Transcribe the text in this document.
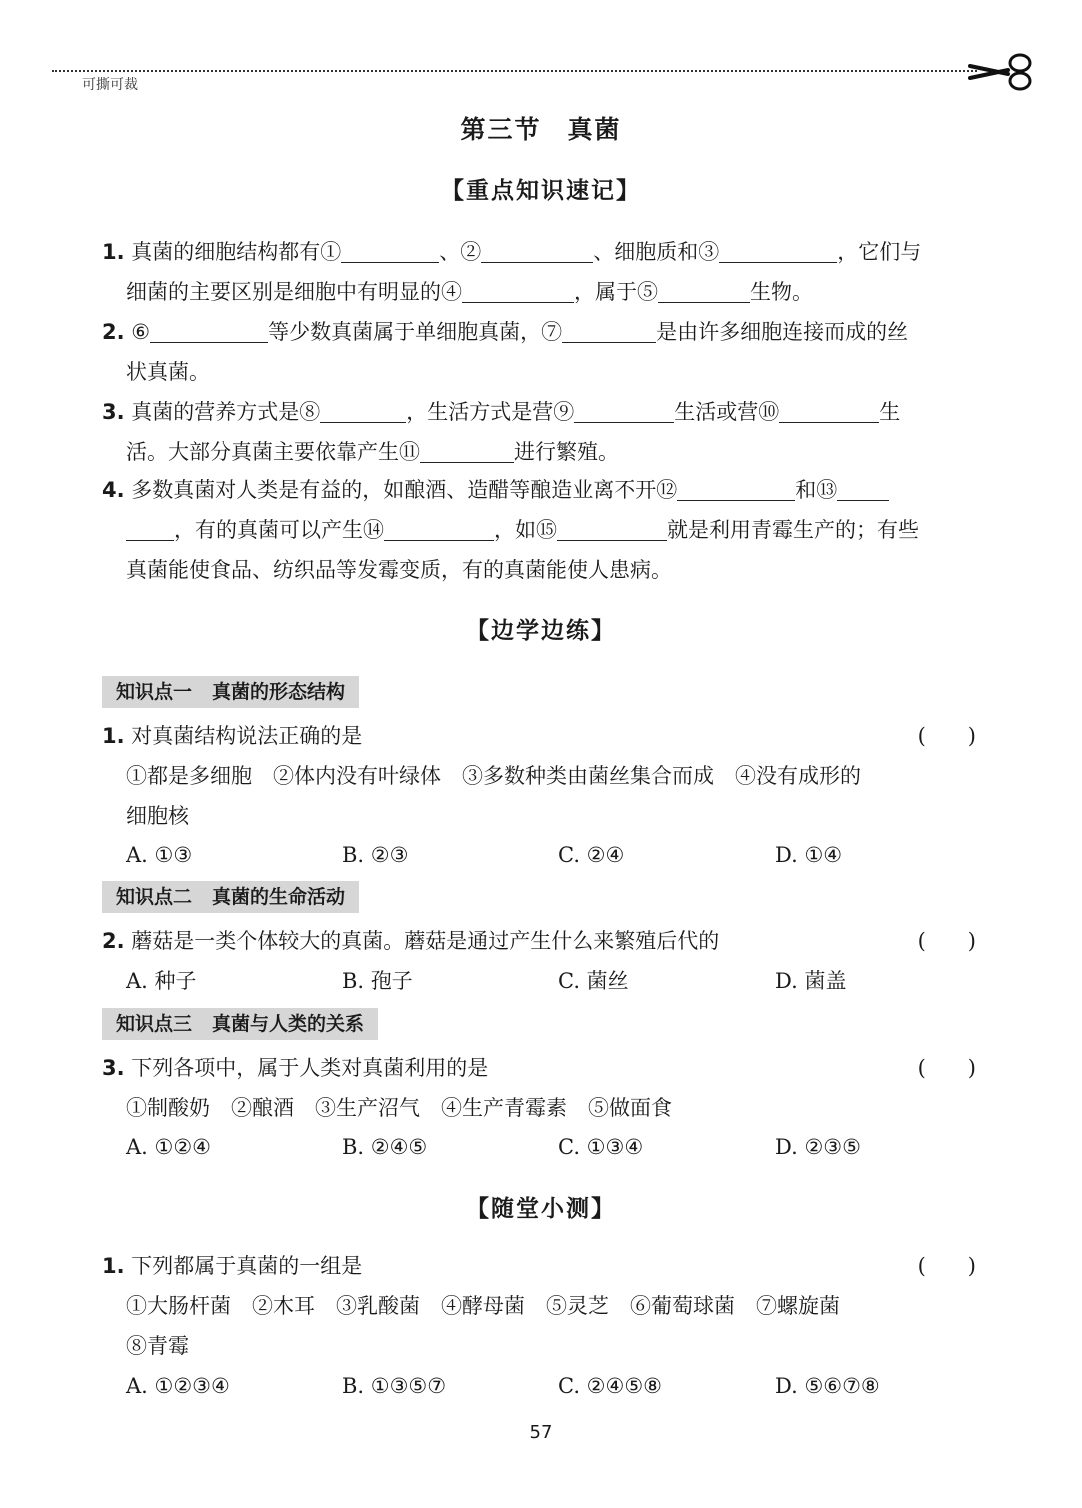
可撕可裁
第三节 真菌
【重点知识速记】
1. 真菌的细胞结构都有①	、②	、细胞质和③	，它们与
细菌的主要区别是细胞中有明显的④	，属于⑤	生物。
2. ⑥	等少数真菌属于单细胞真菌，⑦	是由许多细胞连接而成的丝
状真菌。
3. 真菌的营养方式是⑧	，生活方式是营⑨	生活或营⑩	生
活。大部分真菌主要依靠产生⑪	进行繁殖。
4. 多数真菌对人类是有益的，如酿酒、造醋等酿造业离不开⑫	和⑬
，有的真菌可以产生⑭	，如⑮	就是利用青霉生产的；有些
真菌能使食品、纺织品等发霉变质，有的真菌能使人患病。
【边学边练】
知识点一 真菌的形态结构
1. 对真菌结构说法正确的是	(　　)
①都是多细胞　②体内没有叶绿体　③多数种类由菌丝集合而成　④没有成形的
细胞核
A. ①③	B. ②③	C. ②④	D. ①④
知识点二 真菌的生命活动
2. 蘑菇是一类个体较大的真菌。蘑菇是通过产生什么来繁殖后代的	(　　)
A. 种子	B. 孢子	C. 菌丝	D. 菌盖
知识点三 真菌与人类的关系
3. 下列各项中，属于人类对真菌利用的是	(　　)
①制酸奶　②酿酒　③生产沼气　④生产青霉素　⑤做面食
A. ①②④	B. ②④⑤	C. ①③④	D. ②③⑤
【随堂小测】
1. 下列都属于真菌的一组是	(　　)
①大肠杆菌　②木耳　③乳酸菌　④酵母菌　⑤灵芝　⑥葡萄球菌　⑦螺旋菌
⑧青霉
A. ①②③④	B. ①③⑤⑦	C. ②④⑤⑧	D. ⑤⑥⑦⑧
57
